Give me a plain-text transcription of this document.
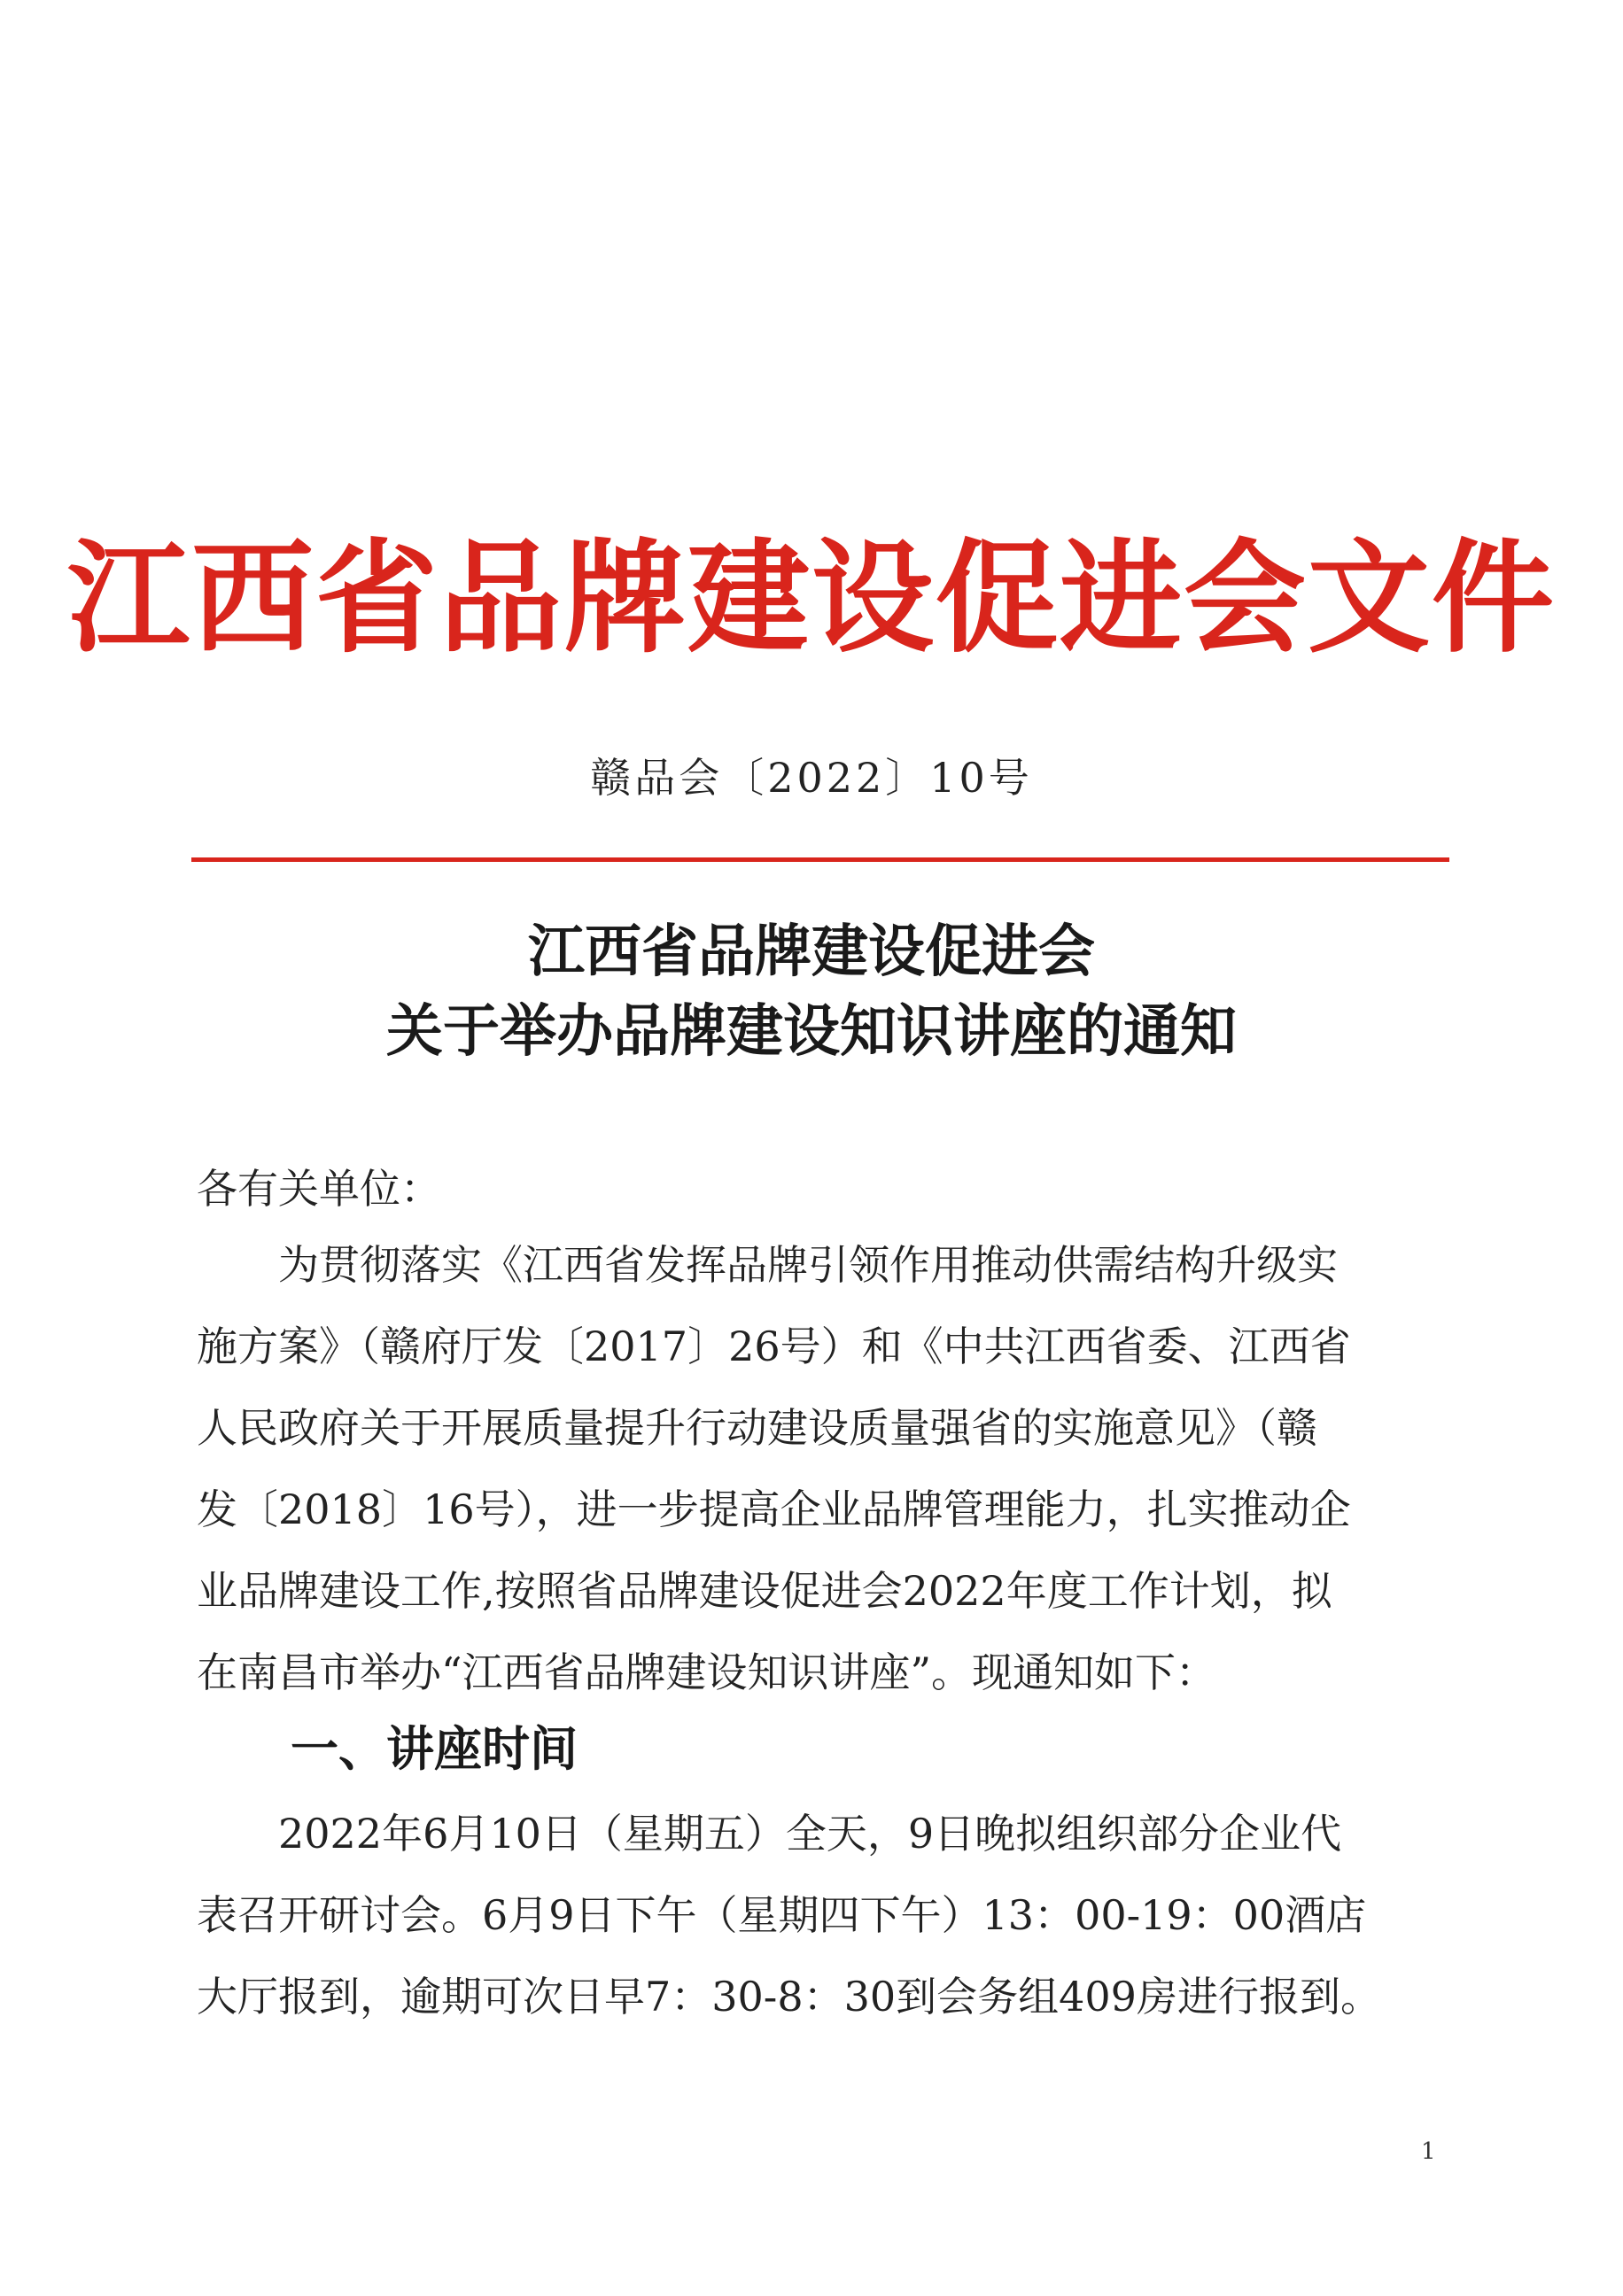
江西省品牌建设促进会文件
赣品会〔2022〕10号
江西省品牌建设促进会
关于举办品牌建设知识讲座的通知
各有关单位：
　　为贯彻落实《江西省发挥品牌引领作用推动供需结构升级实
施方案》（赣府厅发〔2017〕26号）和《中共江西省委、江西省
人民政府关于开展质量提升行动建设质量强省的实施意见》（赣
发〔2018〕16号），进一步提高企业品牌管理能力，扎实推动企
业品牌建设工作,按照省品牌建设促进会2022年度工作计划，拟
在南昌市举办“江西省品牌建设知识讲座”。现通知如下：
一、讲座时间
　　2022年6月10日（星期五）全天，9日晚拟组织部分企业代
表召开研讨会。6月9日下午（星期四下午）13：00-19：00酒店
大厅报到，逾期可次日早7：30-8：30到会务组409房进行报到。
1
